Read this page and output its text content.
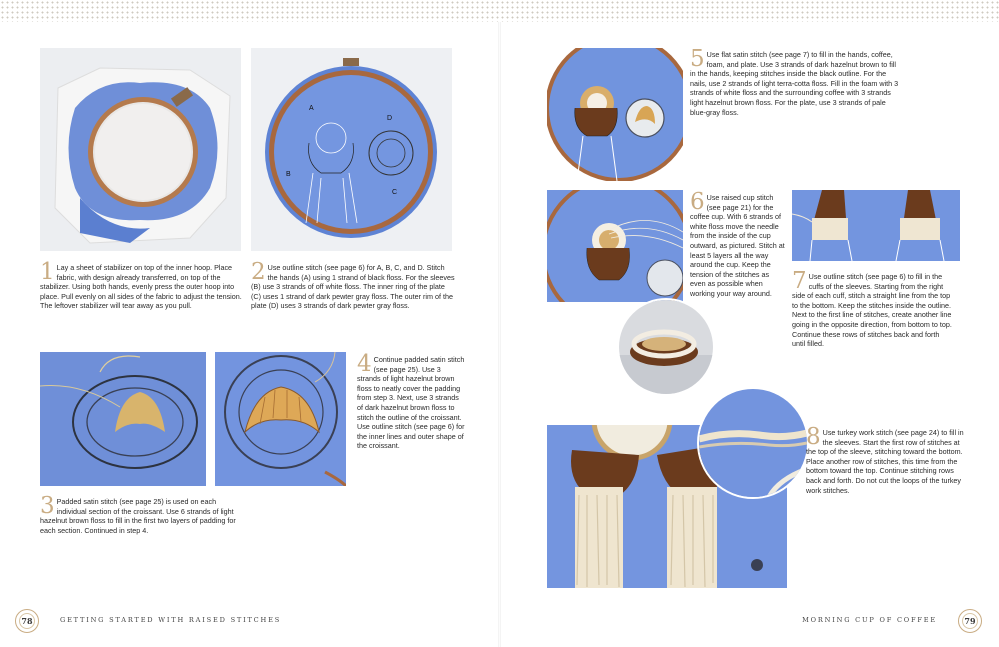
A
B
C
D
1 Lay a sheet of stabilizer on top of the inner hoop. Place fabric, with design already transferred, on top of the stabilizer. Using both hands, evenly press the outer hoop into place. Pull evenly on all sides of the fabric to adjust the tension. The leftover stabilizer will tear away as you pull.
2 Use outline stitch (see page 6) for A, B, C, and D. Stitch the hands (A) using 1 strand of black floss. For the sleeves (B) use 3 strands of off white floss. The inner ring of the plate (C) uses 1 strand of dark pewter gray floss. The outer rim of the plate (D) uses 3 strands of dark pewter gray floss.
3 Padded satin stitch (see page 25) is used on each individual section of the croissant. Use 6 strands of light hazelnut brown floss to fill in the first two layers of padding for each section. Continued in step 4.
4 Continue padded satin stitch (see page 25). Use 3 strands of light hazelnut brown floss to neatly cover the padding from step 3. Next, use 3 strands of dark hazelnut brown floss to stitch the outline of the croissant. Use outline stitch (see page 6) for the inner lines and outer shape of the croissant.
78	GETTING STARTED WITH RAISED STITCHES
5 Use flat satin stitch (see page 7) to fill in the hands, coffee, foam, and plate. Use 3 strands of dark hazelnut brown to fill in the hands, keeping stitches inside the black outline. For the nails, use 2 strands of light terra-cotta floss. Fill in the foam with 3 strands of white floss and the surrounding coffee with 3 strands light hazelnut brown floss. For the plate, use 3 strands of pale blue-gray floss.
6 Use raised cup stitch (see page 21) for the coffee cup. With 6 strands of white floss move the needle from the inside of the cup outward, as pictured. Stitch at least 5 layers all the way around the cup. Keep the tension of the stitches as even as possible when working your way around. 7 Use outline stitch (see page 6) to fill in the cuffs of the sleeves. Starting from the right side of each cuff, stitch a straight line from the top to the bottom. Keep the stitches inside the outline. Next to the first line of stitches, create another line going in the opposite direction, from bottom to top. Continue these rows of stitches back and forth until filled.
8 Use turkey work stitch (see page 24) to fill in the sleeves. Start the first row of stitches at the top of the sleeve, stitching toward the bottom. Place another row of stitches, this time from the bottom toward the top. Continue stitching rows back and forth. Do not cut the loops of the turkey work stitches.
MORNING CUP OF COFFEE	79
